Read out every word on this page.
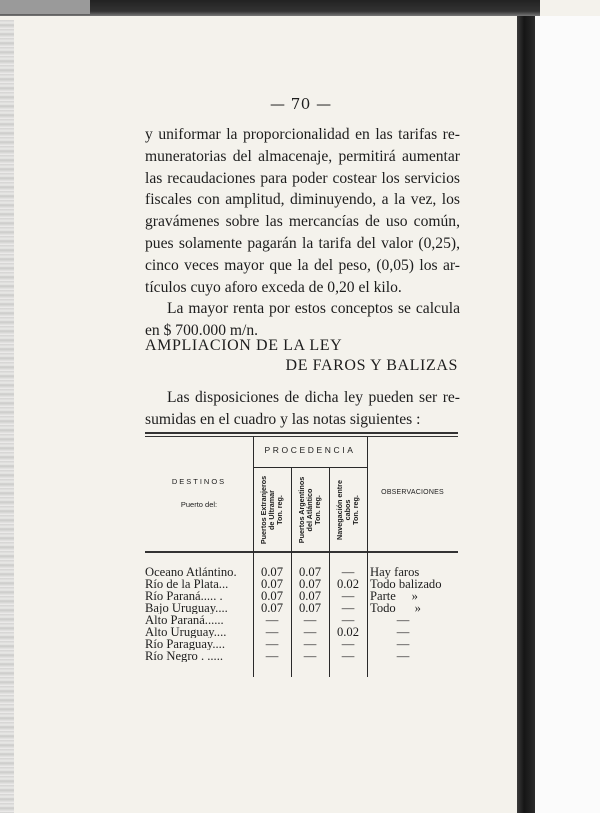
— 70 —
y uniformar la proporcionalidad en las tarifas re-
muneratorias del almacenaje, permitirá aumentar
las recaudaciones para poder costear los servicios
fiscales con amplitud, diminuyendo, a la vez, los
gravámenes sobre las mercancías de uso común,
pues solamente pagarán la tarifa del valor (0,25),
cinco veces mayor que la del peso, (0,05) los ar-
tículos cuyo aforo exceda de 0,20 el kilo.
La mayor renta por estos conceptos se calcula
en $ 700.000 m/n.
AMPLIACION DE LA LEY
DE FAROS Y BALIZAS
Las disposiciones de dicha ley pueden ser re-
sumidas en el cuadro y las notas siguientes :
PROCEDENCIA
DESTINOS
Puerto del:
OBSERVACIONES
Puertos Extranjeros
de Ultramar
Ton. reg. Puertos Argentinos
del Atlántico
Ton. reg. Navegación entre
cabos
Ton. reg.
Oceano Atlántino.	0.07	0.07	—	Hay faros
Río de la Plata...	0.07	0.07	0.02 Todo balizado
Río Paraná..... .	0.07	0.07	—	Parte     »
Bajo Uruguay....	0.07	0.07	—	Todo      »
Alto Paraná......	—	—	—	—
Alto Uruguay....	—	—	0.02	—
Río Paraguay....	—	—	—	—
Río Negro . .....	—	—	—	—
